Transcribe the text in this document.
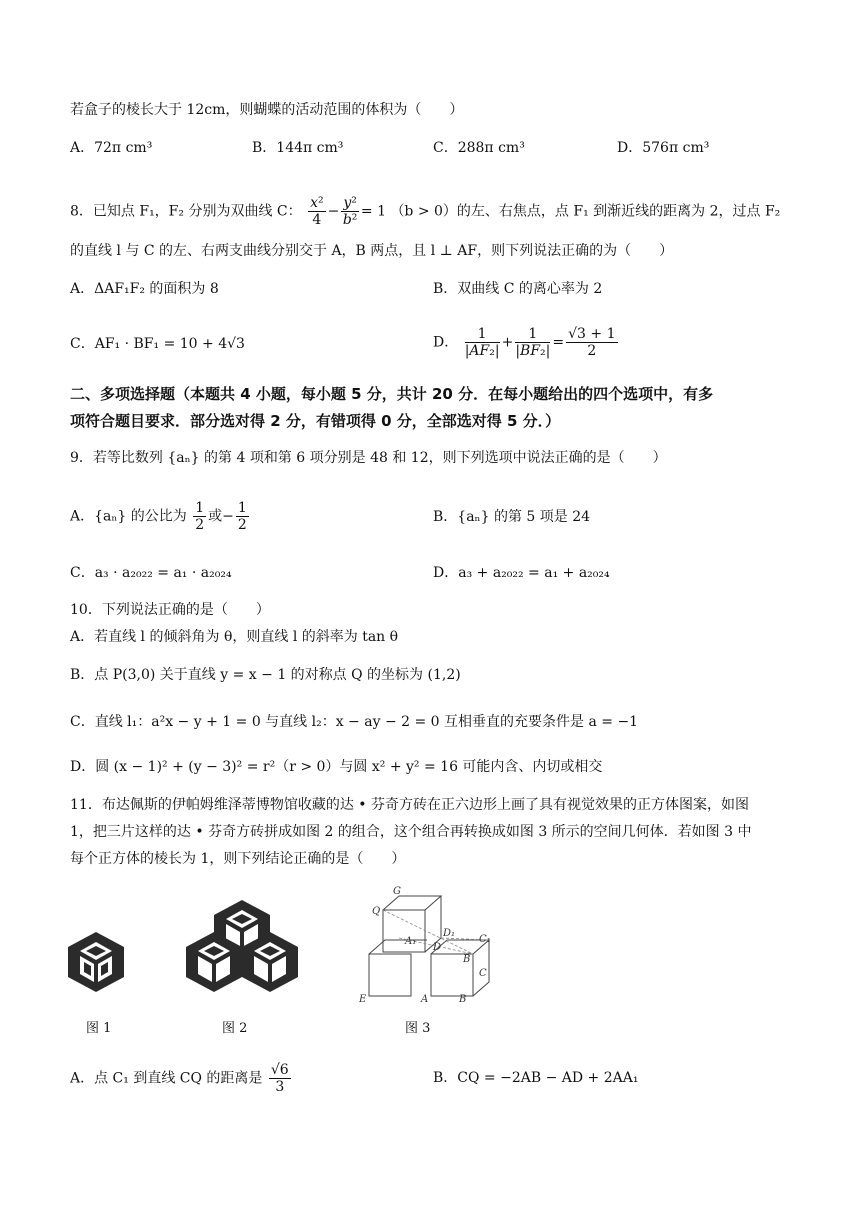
若盒子的棱长大于 12cm，则蝴蝶的活动范围的体积为（　　）
A．72π cm³	B．144π cm³	C．288π cm³	D．576π cm³
8．已知点 F₁，F₂ 分别为双曲线 C： $\frac{\text{x²}}{4} - \frac{\text{y²}}{\text{b²}} = 1$ （b > 0）的左、右焦点，点 F₁ 到渐近线的距离为 2，过点 F₂
的直线 l 与 C 的左、右两支曲线分别交于 A，B 两点，且 l ⊥ AF，则下列说法正确的为（　　）
A．ΔAF₁F₂ 的面积为 8	B．双曲线 C 的离心率为 2
C．AF₁ · BF₁ = 10 + 4√3	D． $\frac{1}{\text{|AF₂|}} + \frac{1}{\text{|BF₂|}} = \frac{√3 + 1}{2}$
二、多项选择题（本题共 4 小题，每小题 5 分，共计 20 分．在每小题给出的四个选项中，有多
项符合题目要求．部分选对得 2 分，有错项得 0 分，全部选对得 5 分．）
9．若等比数列 {aₙ} 的第 4 项和第 6 项分别是 48 和 12，则下列选项中说法正确的是（　　）
A．{aₙ} 的公比为 $\frac{1}{2}$ 或− $\frac{1}{2}$	B．{aₙ} 的第 5 项是 24
C．a₃ · a₂₀₂₂ = a₁ · a₂₀₂₄	D．a₃ + a₂₀₂₂ = a₁ + a₂₀₂₄
10．下列说法正确的是（　　）
A．若直线 l 的倾斜角为 θ，则直线 l 的斜率为 tan θ
B．点 P(3,0) 关于直线 y = x − 1 的对称点 Q 的坐标为 (1,2)
C．直线 l₁：a²x − y + 1 = 0 与直线 l₂：x − ay − 2 = 0 互相垂直的充要条件是 a = −1
D．圆 (x − 1)² + (y − 3)² = r²（r > 0）与圆 x² + y² = 16 可能内含、内切或相交
11．布达佩斯的伊帕姆维泽蒂博物馆收藏的达 • 芬奇方砖在正六边形上画了具有视觉效果的正方体图案，如图
1，把三片这样的达 • 芬奇方砖拼成如图 2 的组合，这个组合再转换成如图 3 所示的空间几何体．若如图 3 中
每个正方体的棱长为 1，则下列结论正确的是（　　）
G
Q
D₁
C₁
A₁
D
B
C
E	A	B
图 1	图 2	图 3
A．点 C₁ 到直线 CQ 的距离是 $\frac{√6}{3}$	B．CQ = −2AB − AD + 2AA₁
